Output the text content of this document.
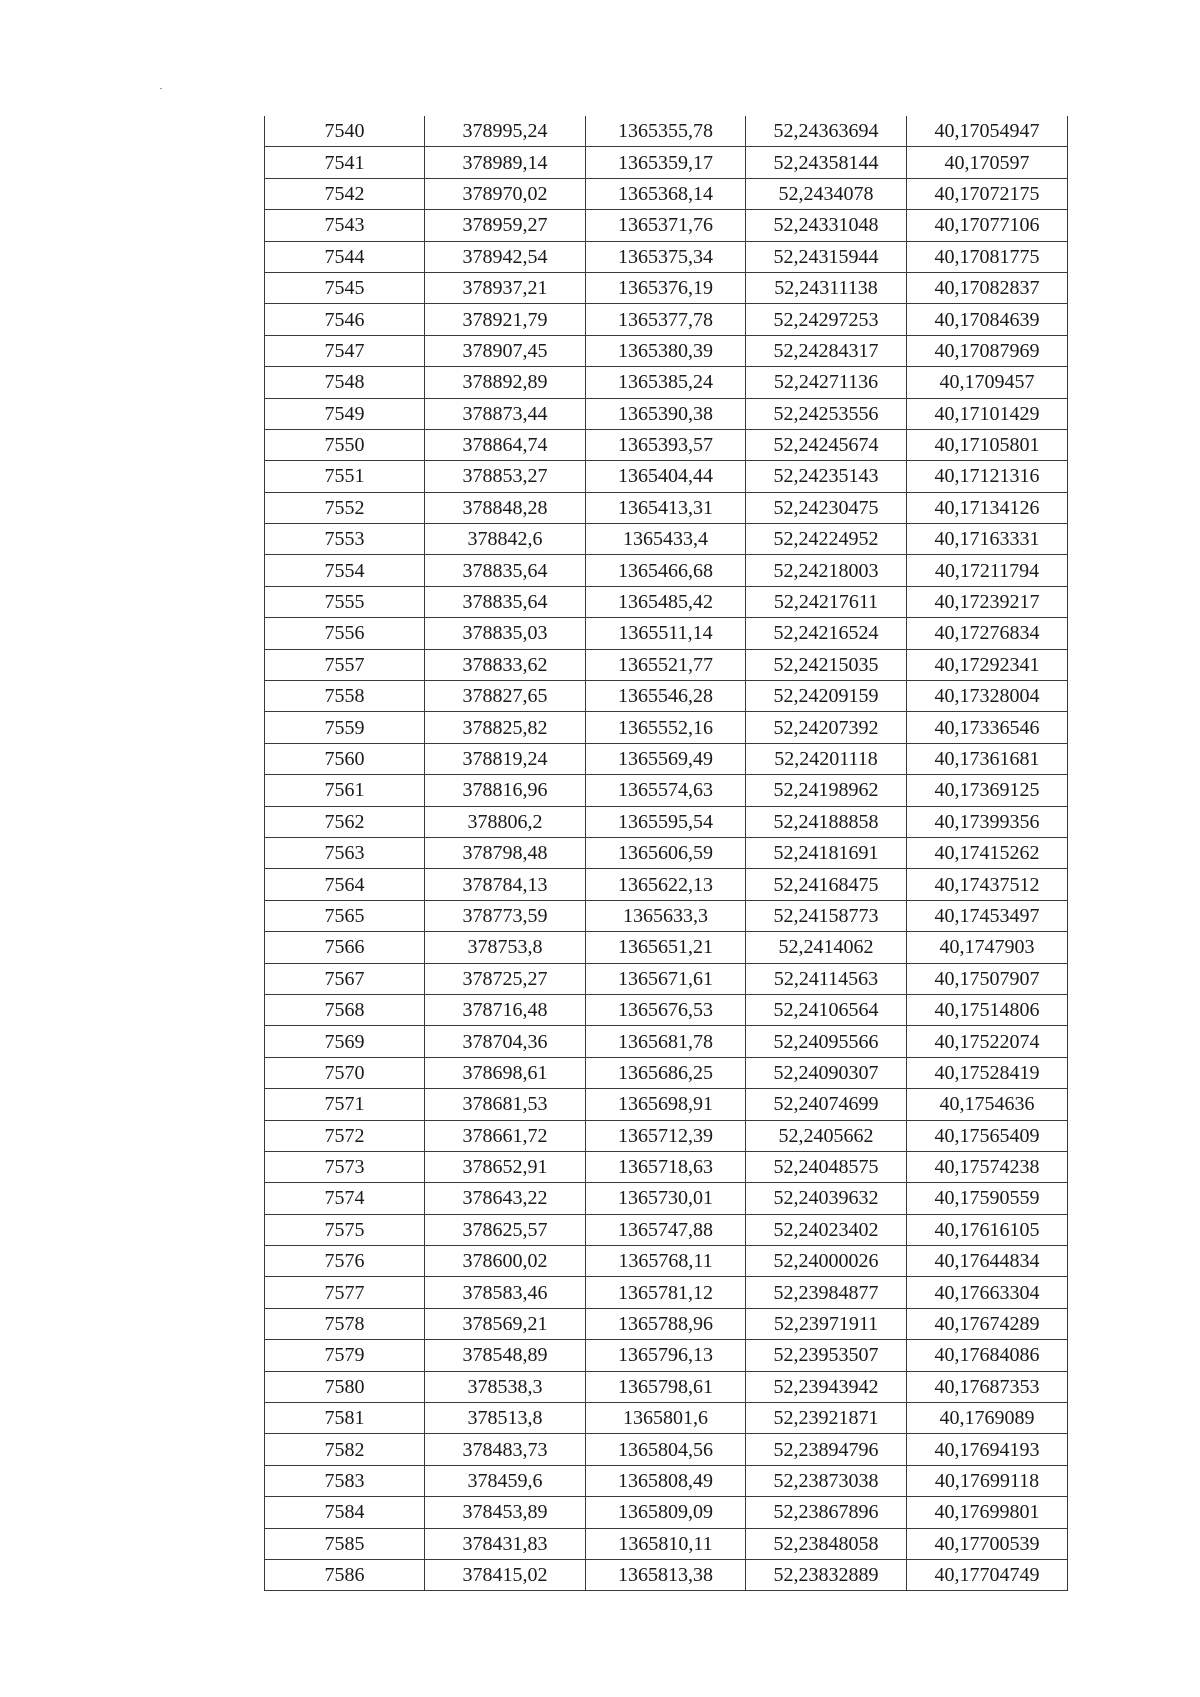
7540	378995,24	1365355,78	52,24363694	40,17054947
7541	378989,14	1365359,17	52,24358144	40,170597
7542	378970,02	1365368,14	52,2434078	40,17072175
7543	378959,27	1365371,76	52,24331048	40,17077106
7544	378942,54	1365375,34	52,24315944	40,17081775
7545	378937,21	1365376,19	52,24311138	40,17082837
7546	378921,79	1365377,78	52,24297253	40,17084639
7547	378907,45	1365380,39	52,24284317	40,17087969
7548	378892,89	1365385,24	52,24271136	40,1709457
7549	378873,44	1365390,38	52,24253556	40,17101429
7550	378864,74	1365393,57	52,24245674	40,17105801
7551	378853,27	1365404,44	52,24235143	40,17121316
7552	378848,28	1365413,31	52,24230475	40,17134126
7553	378842,6	1365433,4	52,24224952	40,17163331
7554	378835,64	1365466,68	52,24218003	40,17211794
7555	378835,64	1365485,42	52,24217611	40,17239217
7556	378835,03	1365511,14	52,24216524	40,17276834
7557	378833,62	1365521,77	52,24215035	40,17292341
7558	378827,65	1365546,28	52,24209159	40,17328004
7559	378825,82	1365552,16	52,24207392	40,17336546
7560	378819,24	1365569,49	52,24201118	40,17361681
7561	378816,96	1365574,63	52,24198962	40,17369125
7562	378806,2	1365595,54	52,24188858	40,17399356
7563	378798,48	1365606,59	52,24181691	40,17415262
7564	378784,13	1365622,13	52,24168475	40,17437512
7565	378773,59	1365633,3	52,24158773	40,17453497
7566	378753,8	1365651,21	52,2414062	40,1747903
7567	378725,27	1365671,61	52,24114563	40,17507907
7568	378716,48	1365676,53	52,24106564	40,17514806
7569	378704,36	1365681,78	52,24095566	40,17522074
7570	378698,61	1365686,25	52,24090307	40,17528419
7571	378681,53	1365698,91	52,24074699	40,1754636
7572	378661,72	1365712,39	52,2405662	40,17565409
7573	378652,91	1365718,63	52,24048575	40,17574238
7574	378643,22	1365730,01	52,24039632	40,17590559
7575	378625,57	1365747,88	52,24023402	40,17616105
7576	378600,02	1365768,11	52,24000026	40,17644834
7577	378583,46	1365781,12	52,23984877	40,17663304
7578	378569,21	1365788,96	52,23971911	40,17674289
7579	378548,89	1365796,13	52,23953507	40,17684086
7580	378538,3	1365798,61	52,23943942	40,17687353
7581	378513,8	1365801,6	52,23921871	40,1769089
7582	378483,73	1365804,56	52,23894796	40,17694193
7583	378459,6	1365808,49	52,23873038	40,17699118
7584	378453,89	1365809,09	52,23867896	40,17699801
7585	378431,83	1365810,11	52,23848058	40,17700539
7586	378415,02	1365813,38	52,23832889	40,17704749
